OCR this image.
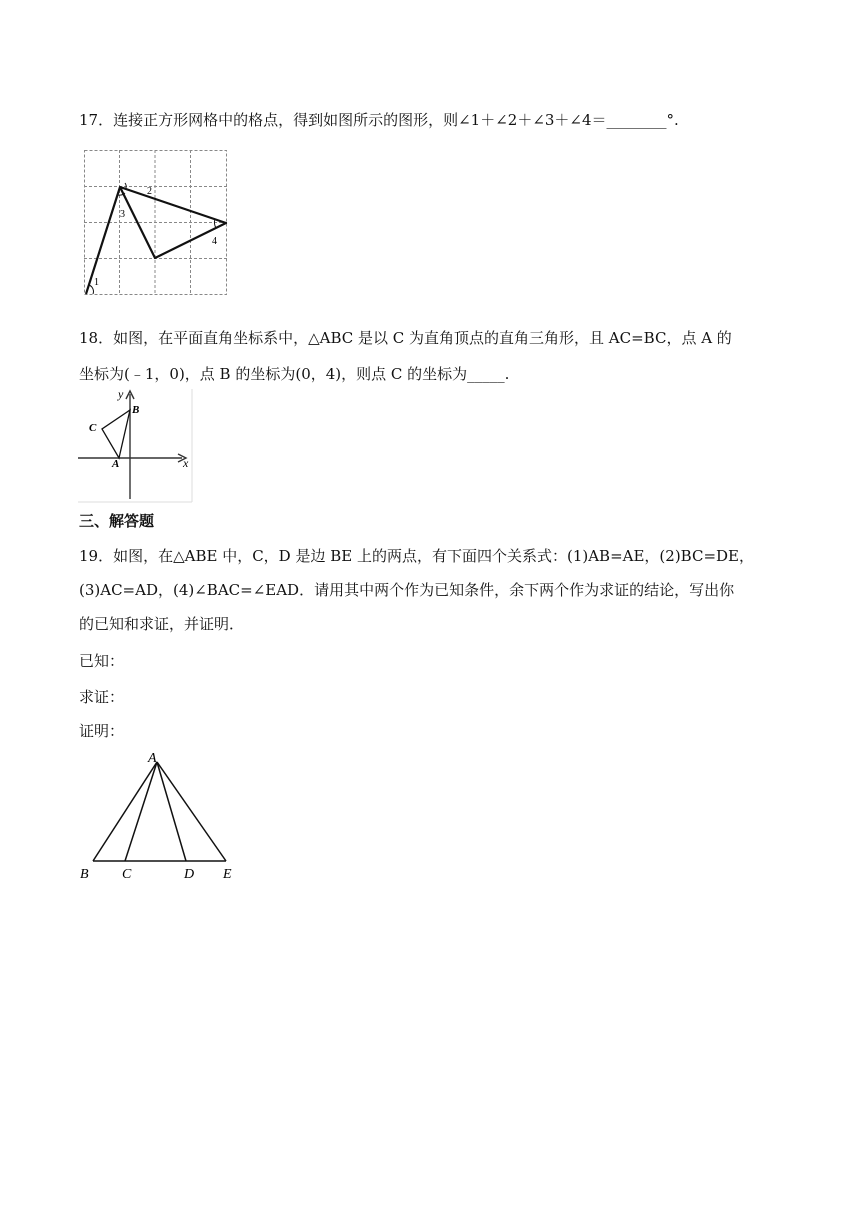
17．连接正方形网格中的格点，得到如图所示的图形，则∠1＋∠2＋∠3＋∠4＝________°.
1
2
3
4
18．如图，在平面直角坐标系中，△ABC 是以 C 为直角顶点的直角三角形，且 AC=BC，点 A 的
坐标为(﹣1，0)，点 B 的坐标为(0，4)，则点 C 的坐标为_____.
x
y
A
B
C
三、解答题
19．如图，在△ABE 中，C，D 是边 BE 上的两点，有下面四个关系式：(1)AB=AE，(2)BC=DE，
(3)AC=AD，(4)∠BAC=∠EAD．请用其中两个作为已知条件，余下两个作为求证的结论，写出你
的已知和求证，并证明．
已知：
求证：
证明：
A
B C	D E
